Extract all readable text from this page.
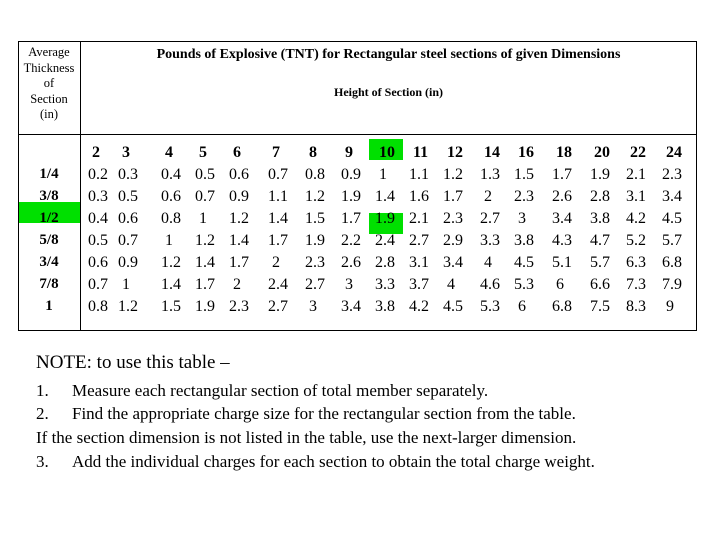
Average
Thickness
of
Section
(in)
Pounds of Explosive (TNT) for Rectangular steel sections of given Dimensions
Height of Section (in)
2 3 4 5 6 7 8 9 10 11 12 14 16 18 20 22 24
1/4
3/8
1/2
5/8
3/4
7/8
1
0.2 0.3 0.4 0.5 0.6 0.7 0.8 0.9 1 1.1 1.2 1.3 1.5 1.7 1.9 2.1 2.3
0.3 0.5 0.6 0.7 0.9 1.1 1.2 1.9 1.4 1.6 1.7 2 2.3 2.6 2.8 3.1 3.4
0.4 0.6 0.8 1 1.2 1.4 1.5 1.7 1.9 2.1 2.3 2.7 3 3.4 3.8 4.2 4.5
0.5 0.7 1 1.2 1.4 1.7 1.9 2.2 2.4 2.7 2.9 3.3 3.8 4.3 4.7 5.2 5.7
0.6 0.9 1.2 1.4 1.7 2 2.3 2.6 2.8 3.1 3.4 4 4.5 5.1 5.7 6.3 6.8
0.7 1 1.4 1.7 2 2.4 2.7 3 3.3 3.7 4 4.6 5.3 6 6.6 7.3 7.9
0.8 1.2 1.5 1.9 2.3 2.7 3 3.4 3.8 4.2 4.5 5.3 6 6.8 7.5 8.3 9
NOTE: to use this table –
1. Measure each rectangular section of total member separately.
2. Find the appropriate charge size for the rectangular section from the table.
If the section dimension is not listed in the table, use the next-larger dimension.
3. Add the individual charges for each section to obtain the total charge weight.
